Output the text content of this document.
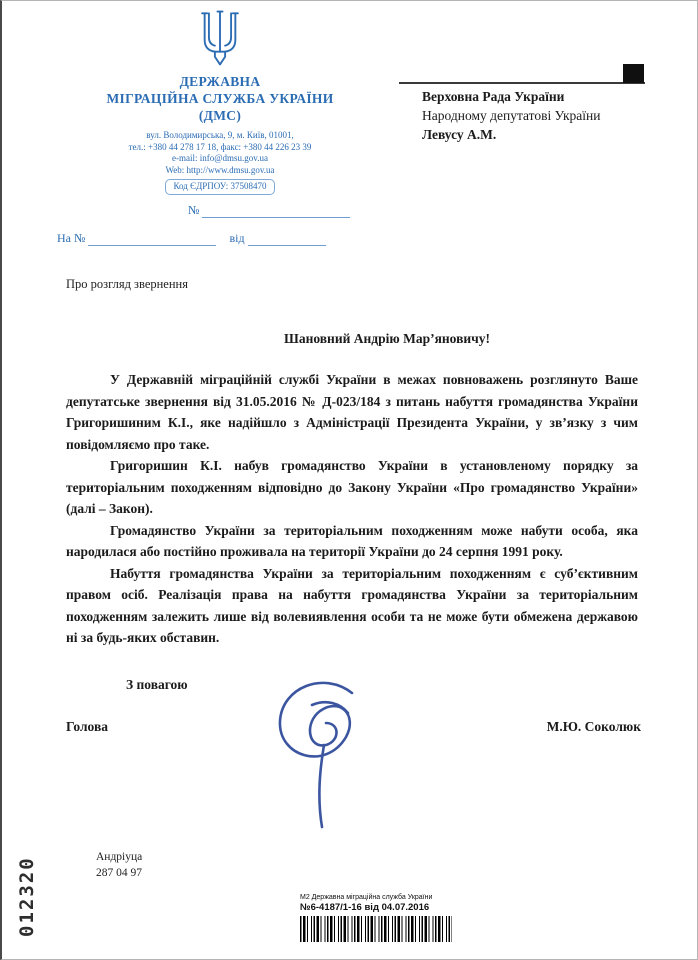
ДЕРЖАВНА
МІГРАЦІЙНА СЛУЖБА УКРАЇНИ
(ДМС)
вул. Володимирська, 9, м. Київ, 01001,
тел.: +380 44 278 17 18, факс: +380 44 226 23 39
e-mail: info@dmsu.gov.ua
Web: http://www.dmsu.gov.ua
Код ЄДРПОУ: 37508470
№
На №	від
Верховна Рада України
Народному депутатові України
Левусу А.М.
Про розгляд звернення
Шановний Андрію Мар’яновичу!

У Державній міграційній службі України в межах повноважень розглянуто Ваше депутатське звернення від 31.05.2016 № Д-023/184 з питань набуття громадянства України Григоришиним К.І., яке надійшло з Адміністрації Президента України, у зв’язку з чим повідомляємо про таке.

Григоришин К.І. набув громадянство України в установленому порядку за територіальним походженням відповідно до Закону України «Про громадянство України» (далі – Закон).

Громадянство України за територіальним походженням може набути особа, яка народилася або постійно проживала на території України до 24 серпня 1991 року.

Набуття громадянства України за територіальним походженням є суб’єктивним правом осіб. Реалізація права на набуття громадянства України за територіальним походженням залежить лише від волевиявлення особи та не може бути обмежена державою ні за будь-яких обставин.

З повагою
Голова	М.Ю. Соколюк
Андріуца
287 04 97
012320	М2 Державна міграційна служба України
№6-4187/1-16 від 04.07.2016
